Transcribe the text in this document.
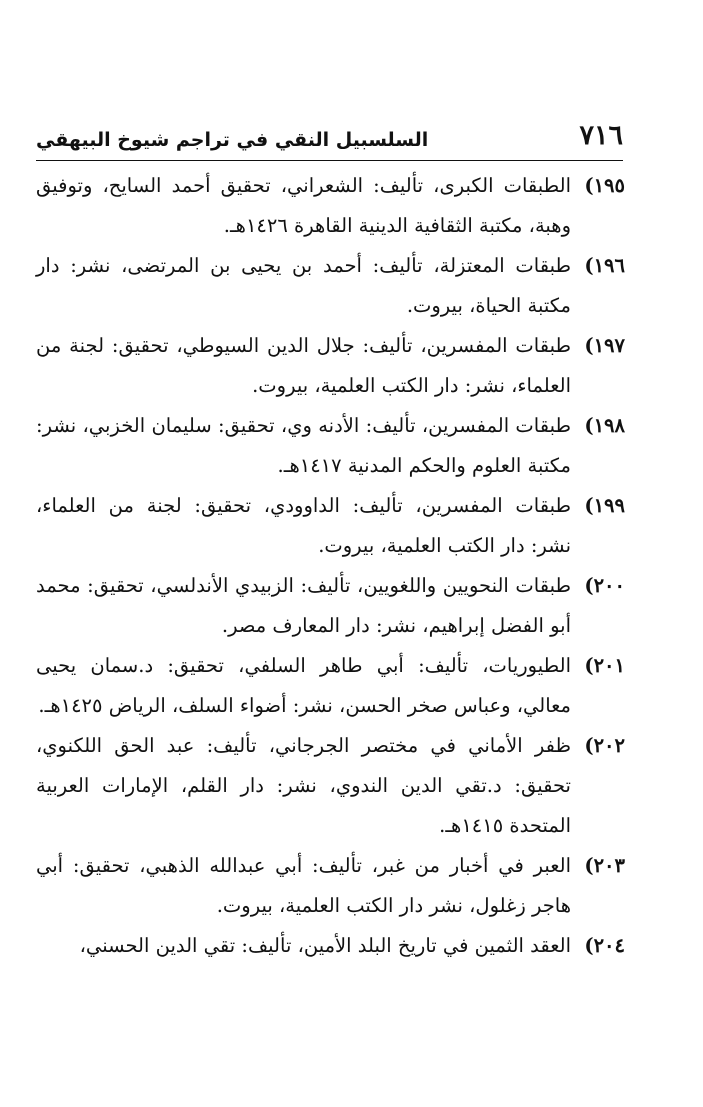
٧١٦
السلسبيل النقي في تراجم شيوخ البيهقي
١٩٥)
الطبقات الكبرى، تأليف: الشعراني، تحقيق أحمد السايح، وتوفيق وهبة، مكتبة الثقافية الدينية القاهرة ١٤٢٦هـ.
١٩٦)
طبقات المعتزلة، تأليف: أحمد بن يحيى بن المرتضى، نشر: دار مكتبة الحياة، بيروت.
١٩٧)
طبقات المفسرين، تأليف: جلال الدين السيوطي، تحقيق: لجنة من العلماء، نشر: دار الكتب العلمية، بيروت.
١٩٨)
طبقات المفسرين، تأليف: الأدنه وي، تحقيق: سليمان الخزبي، نشر: مكتبة العلوم والحكم المدنية ١٤١٧هـ.
١٩٩)
طبقات المفسرين، تأليف: الداوودي، تحقيق: لجنة من العلماء، نشر: دار الكتب العلمية، بيروت.
٢٠٠)
طبقات النحويين واللغويين، تأليف: الزبيدي الأندلسي، تحقيق: محمد أبو الفضل إبراهيم، نشر: دار المعارف مصر.
٢٠١)
الطيوريات، تأليف: أبي طاهر السلفي، تحقيق: د.سمان يحيى معالي، وعباس صخر الحسن، نشر: أضواء السلف، الرياض ١٤٢٥هـ.
٢٠٢)
ظفر الأماني في مختصر الجرجاني، تأليف: عبد الحق اللكنوي، تحقيق: د.تقي الدين الندوي، نشر: دار القلم، الإمارات العربية المتحدة ١٤١٥هـ.
٢٠٣)
العبر في أخبار من غبر، تأليف: أبي عبدالله الذهبي، تحقيق: أبي هاجر زغلول، نشر دار الكتب العلمية، بيروت.
٢٠٤)
العقد الثمين في تاريخ البلد الأمين، تأليف: تقي الدين الحسني،
